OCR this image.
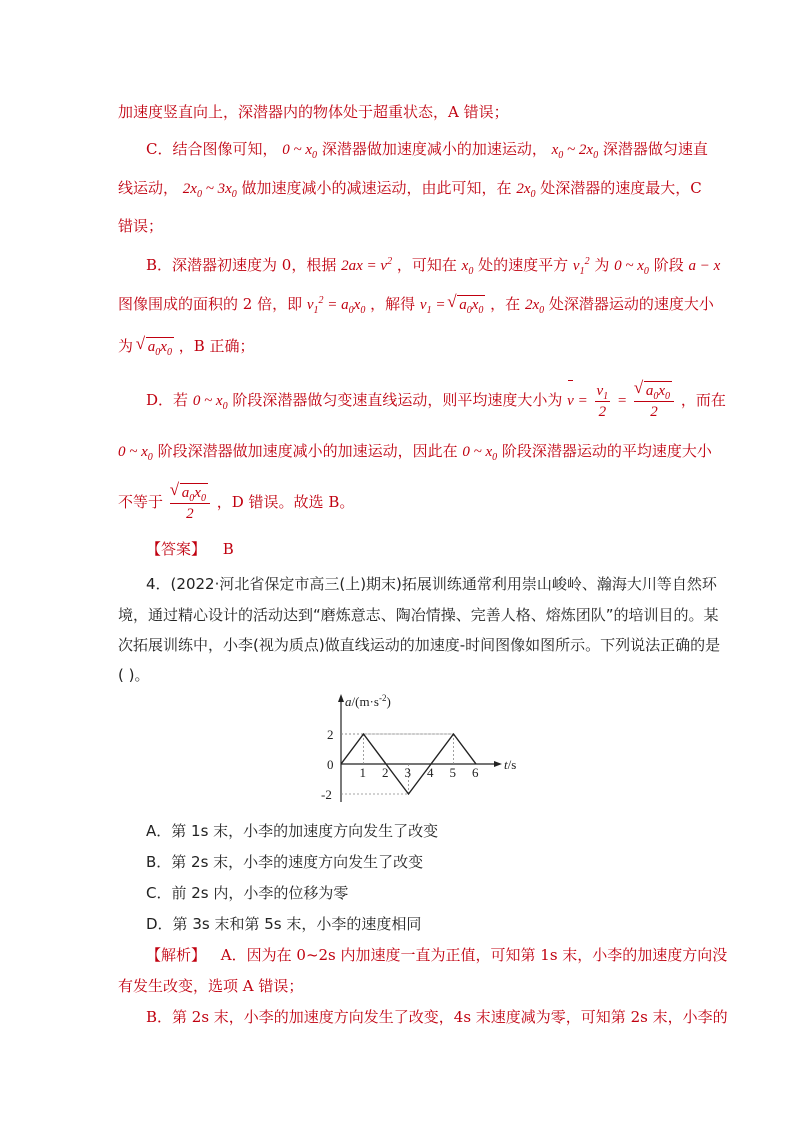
加速度竖直向上，深潜器内的物体处于超重状态，A 错误；
C．结合图像可知， 0 ~ $x_0$ 深潜器做加速度减小的加速运动， $x_0$ ~ $2x_0$ 深潜器做匀速直
线运动， $2x_0$ ~ $3x_0$ 做加速度减小的减速运动，由此可知，在 $2x_0$ 处深潜器的速度最大，C
错误；
B．深潜器初速度为 0，根据 $2ax = v^2$ ，可知在 $x_0$ 处的速度平方 $v_1^2$ 为 0 ~ $x_0$ 阶段 a − x
图像围成的面积的 2 倍，即 $v_1^2 = a_0x_0$ ，解得 $v_1$ = √ $a_0x_0$ ，在 $2x_0$ 处深潜器运动的速度大小
为 √ $a_0x_0$ ，B 正确；
D．若 0 ~ $x_0$ 阶段深潜器做匀变速直线运动，则平均速度大小为 $v = \frac{v_1}{2}$ = √ $\frac{a_0x_0}{2}$ ，而在
0 ~ $x_0$ 阶段深潜器做加速度减小的加速运动，因此在 0 ~ $x_0$ 阶段深潜器运动的平均速度大小
不等于 √ $\frac{a_0x_0}{2}$ ，D 错误。故选 B。
【答案】 B
4．(2022·河北省保定市高三(上)期末)拓展训练通常利用崇山峻岭、瀚海大川等自然环
境，通过精心设计的活动达到“磨炼意志、陶冶情操、完善人格、熔炼团队”的培训目的。某
次拓展训练中，小李(视为质点)做直线运动的加速度-时间图像如图所示。下列说法正确的是
( )。
1 2 3 4 5 6
2
0
-2
$a/(m\cdot s^{-2})$
t/s
A．第 1s 末，小李的加速度方向发生了改变
B．第 2s 末，小李的速度方向发生了改变
C．前 2s 内，小李的位移为零
D．第 3s 末和第 5s 末，小李的速度相同
【解析】 A．因为在 0~2s 内加速度一直为正值，可知第 1s 末，小李的加速度方向没
有发生改变，选项 A 错误；
B．第 2s 末，小李的加速度方向发生了改变，4s 末速度减为零，可知第 2s 末，小李的
